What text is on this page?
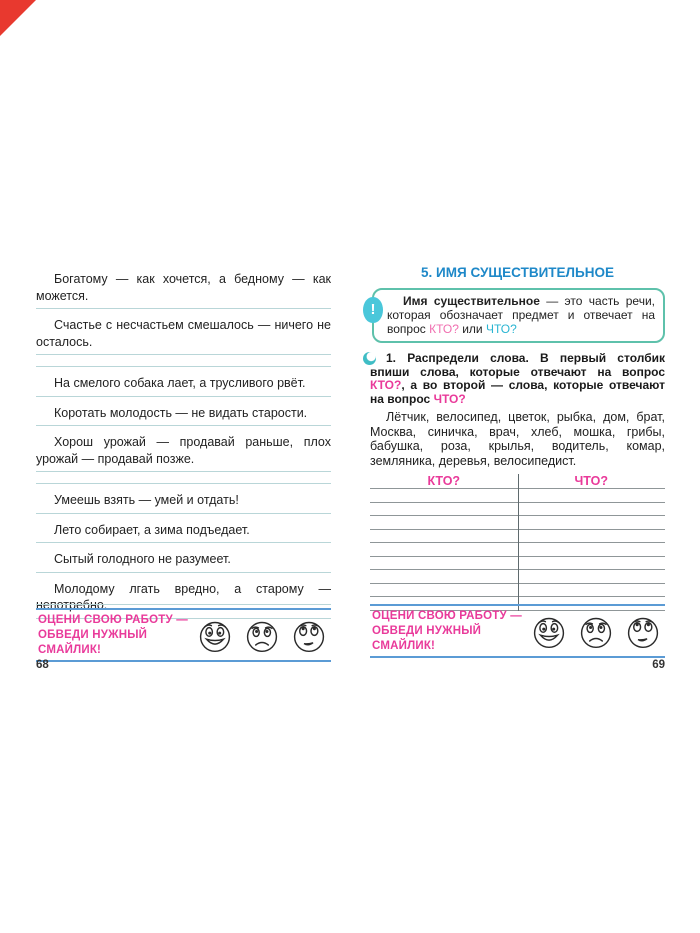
Богатому — как хочется, а бедному — как можется.

Счастье с несчастьем смешалось — ничего не осталось.

На смелого собака лает, а трусливого рвёт.

Коротать молодость — не видать старости.

Хорош урожай — продавай раньше, плох урожай — продавай позже.

Умеешь взять — умей и отдать!

Лето собирает, а зима подъедает.

Сытый голодного не разумеет.

Молодому лгать вредно, а старому — непотребно.

ОЦЕНИ СВОЮ РАБОТУ —
ОБВЕДИ НУЖНЫЙ СМАЙЛИК!
68
5. ИМЯ СУЩЕСТВИТЕЛЬНОЕ
!	Имя существительное — это часть речи, которая обозначает предмет и отвечает на вопрос КТО? или ЧТО?

1. Распредели слова. В первый столбик впиши слова, которые отвечают на вопрос КТО?, а во второй — слова, которые отвечают на вопрос ЧТО?

Лётчик, велосипед, цветок, рыбка, дом, брат, Москва, синичка, врач, хлеб, мошка, грибы, бабушка, роза, крылья, водитель, комар, земляника, деревья, велосипедист.

КТО?	ЧТО?
ОЦЕНИ СВОЮ РАБОТУ —
ОБВЕДИ НУЖНЫЙ СМАЙЛИК!
69
